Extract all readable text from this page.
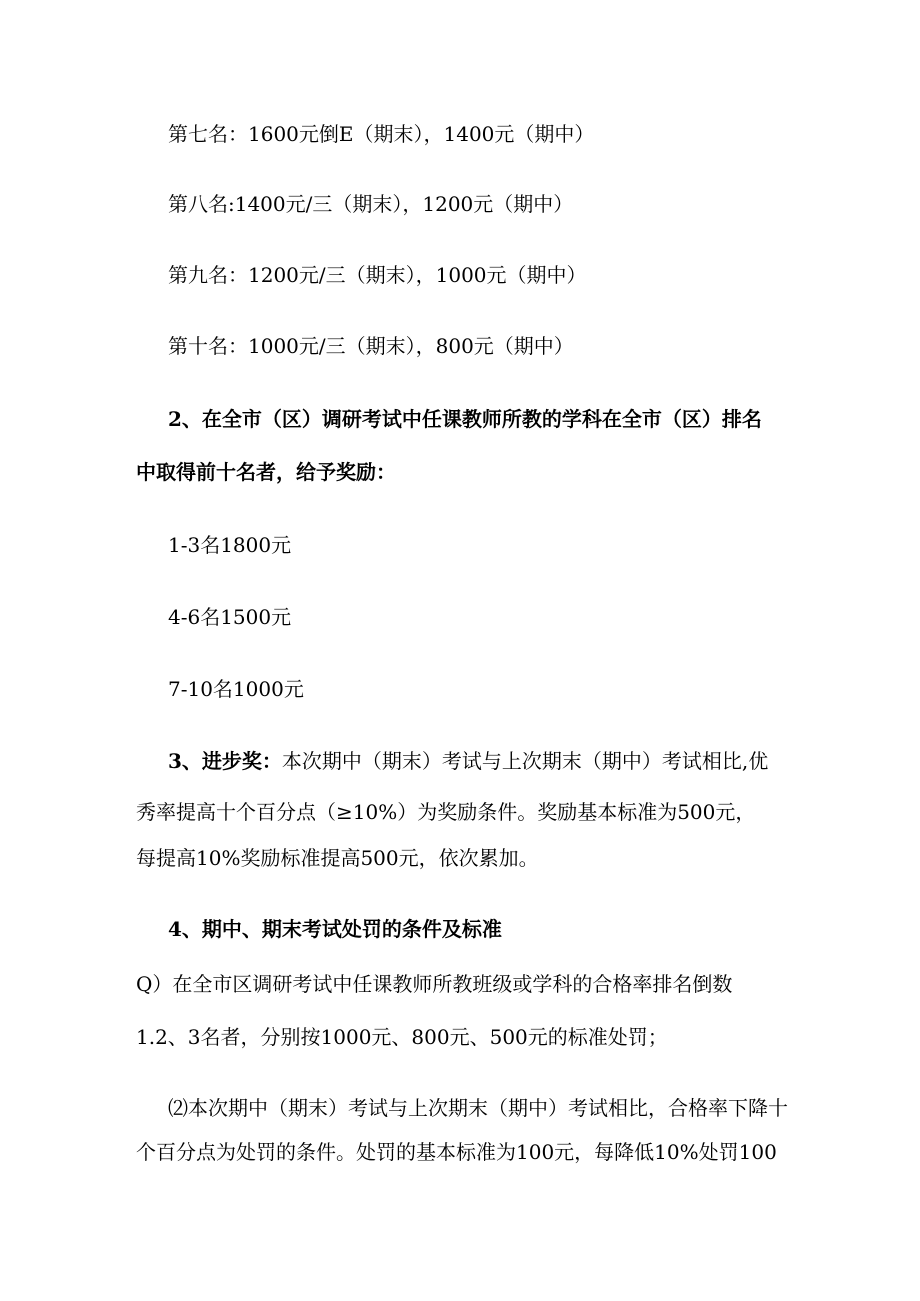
第七名：1600元倒E（期末），1400元（期中）

第八名:1400元/三（期末），1200元（期中）

第九名：1200元/三（期末），1000元（期中）

第十名：1000元/三（期末），800元（期中）

2、在全市（区）调研考试中任课教师所教的学科在全市（区）排名

中取得前十名者，给予奖励：

1-3名1800元

4-6名1500元

7-10名1000元

3、进步奖：本次期中（期末）考试与上次期末（期中）考试相比,优

秀率提高十个百分点（≥10%）为奖励条件。奖励基本标准为500元，

每提高10%奖励标准提高500元，依次累加。

4、期中、期末考试处罚的条件及标准

Q）在全市区调研考试中任课教师所教班级或学科的合格率排名倒数

1.2、3名者，分别按1000元、800元、500元的标准处罚；

⑵本次期中（期末）考试与上次期末（期中）考试相比，合格率下降十

个百分点为处罚的条件。处罚的基本标准为100元，每降低10%处罚100
